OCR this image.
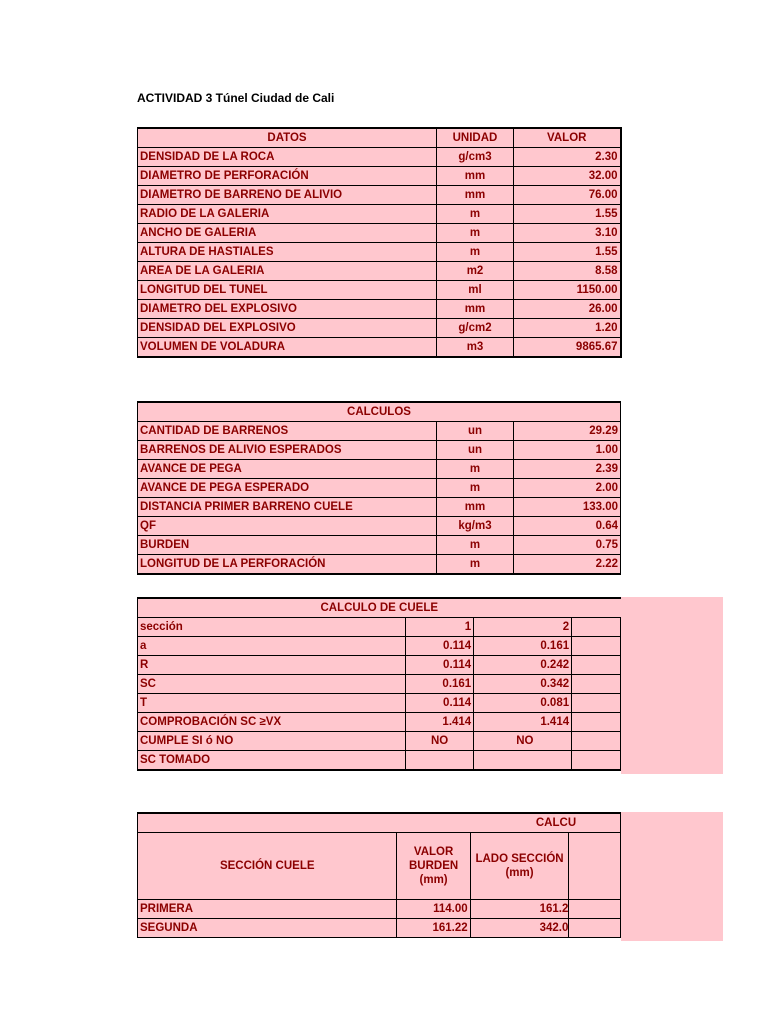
ACTIVIDAD 3 Túnel Ciudad de Cali
DATOS	UNIDAD	VALOR
DENSIDAD DE LA ROCA	g/cm3	2.30
DIAMETRO DE PERFORACIÓN	mm	32.00
DIAMETRO DE BARRENO DE ALIVIO	mm	76.00
RADIO DE LA GALERIA	m	1.55
ANCHO DE GALERIA	m	3.10
ALTURA DE HASTIALES	m	1.55
AREA DE LA GALERIA	m2	8.58
LONGITUD DEL TUNEL	ml	1150.00
DIAMETRO DEL EXPLOSIVO	mm	26.00
DENSIDAD DEL EXPLOSIVO	g/cm2	1.20
VOLUMEN DE VOLADURA	m3	9865.67
CALCULOS		
CANTIDAD DE BARRENOS	un	29.29
BARRENOS DE ALIVIO ESPERADOS	un	1.00
AVANCE DE PEGA	m	2.39
AVANCE DE PEGA ESPERADO	m	2.00
DISTANCIA PRIMER BARRENO CUELE	mm	133.00
QF	kg/m3	0.64
BURDEN	m	0.75
LONGITUD DE LA PERFORACIÓN	m	2.22
CALCULO DE CUELE			
sección	1	2	
a	0.114	0.161	
R	0.114	0.242	
SC	0.161	0.342	
T	0.114	0.081	
COMPROBACIÓN SC ≥VX	1.414	1.414	
CUMPLE SI ó NO	NO	NO	
SC TOMADO			
			CALCU
SECCIÓN CUELE	VALOR BURDEN (mm)	LADO SECCIÓN (mm)	
PRIMERA	114.00	161.2	
SEGUNDA	161.22	342.0	
